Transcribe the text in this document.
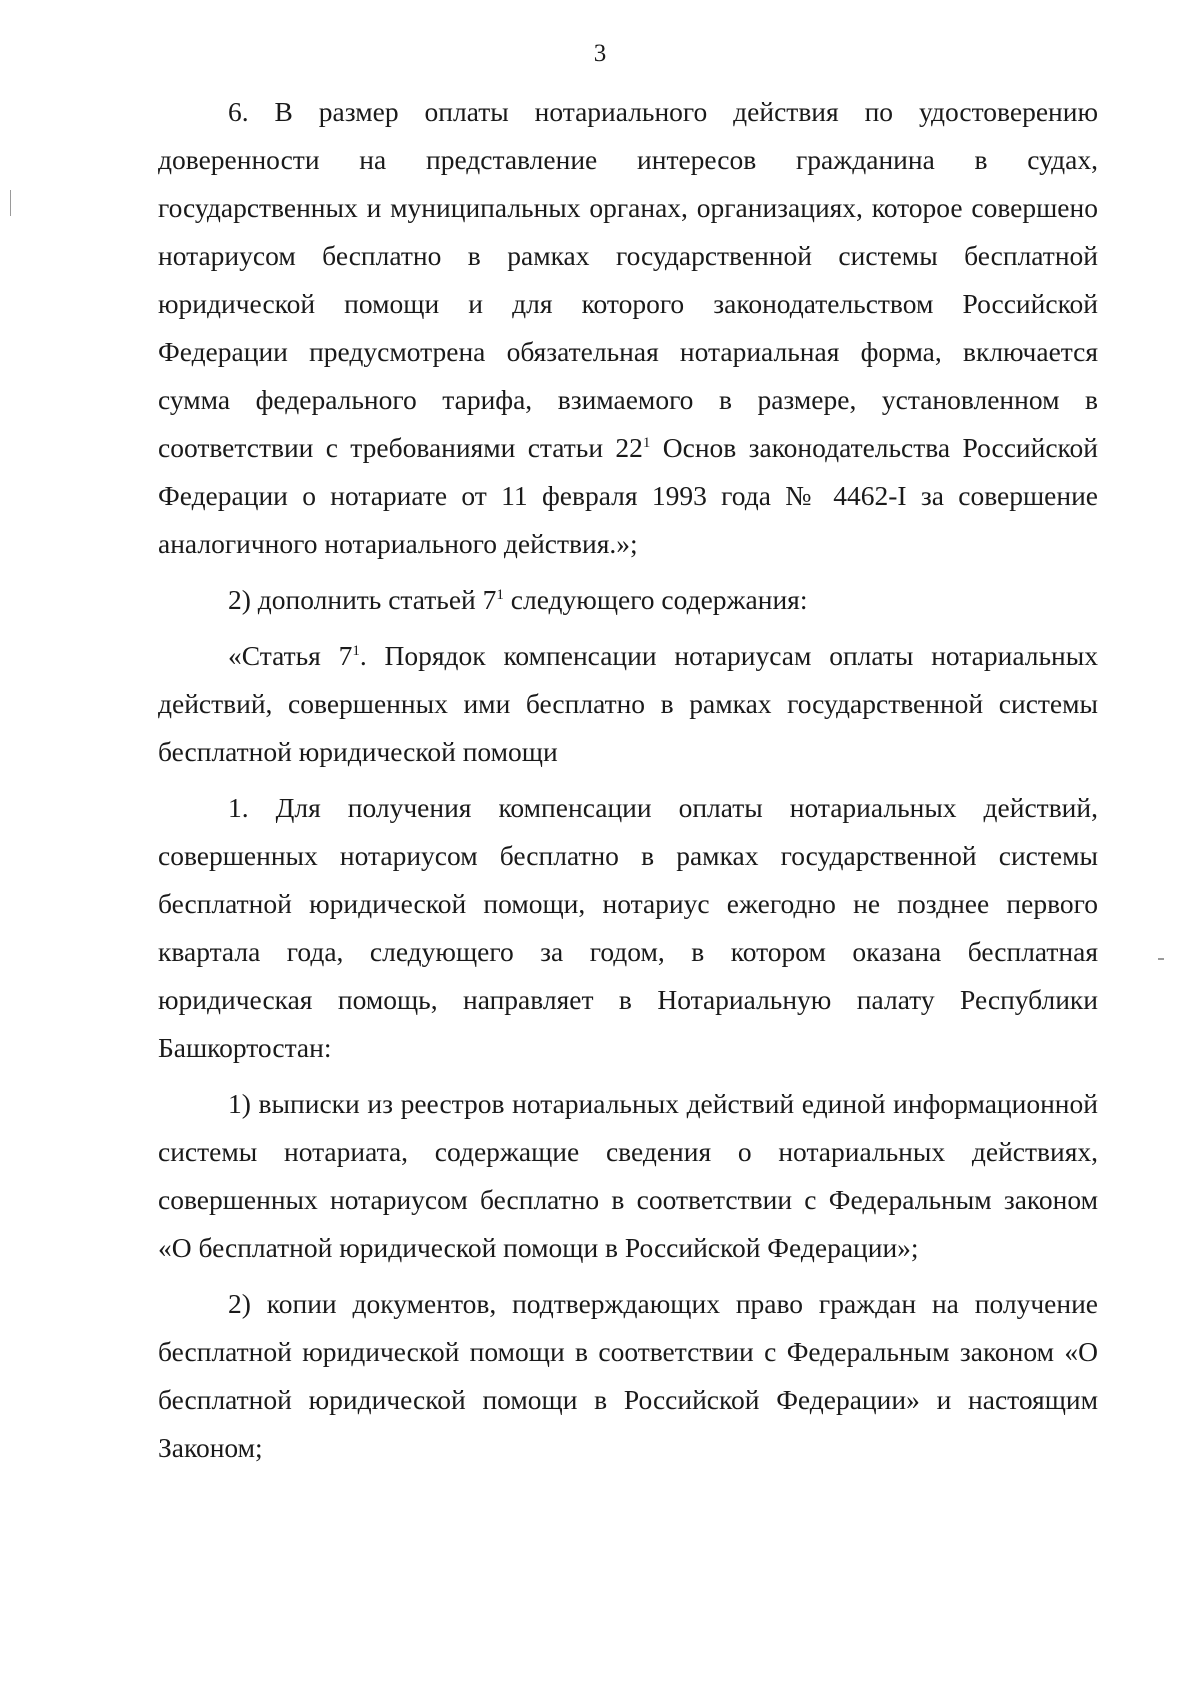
3

6. В размер оплаты нотариального действия по удостоверению доверенности на представление интересов гражданина в судах, государственных и муниципальных органах, организациях, которое совершено нотариусом бесплатно в рамках государственной системы бесплатной юридической помощи и для которого законодательством Российской Федерации предусмотрена обязательная нотариальная форма, включается сумма федерального тарифа, взимаемого в размере, установленном в соответствии с требованиями статьи $22^1$ Основ законодательства Российской Федерации о нотариате от 11 февраля 1993 года № 4462-I за совершение аналогичного нотариального действия.»;

2) дополнить статьей $7^1$ следующего содержания:

«Статья $7^1$. Порядок компенсации нотариусам оплаты нотариальных действий, совершенных ими бесплатно в рамках государственной системы бесплатной юридической помощи

1. Для получения компенсации оплаты нотариальных действий, совершенных нотариусом бесплатно в рамках государственной системы бесплатной юридической помощи, нотариус ежегодно не позднее первого квартала года, следующего за годом, в котором оказана бесплатная юридическая помощь, направляет в Нотариальную палату Республики Башкортостан:

1) выписки из реестров нотариальных действий единой информационной системы нотариата, содержащие сведения о нотариальных действиях, совершенных нотариусом бесплатно в соответствии с Федеральным законом «О бесплатной юридической помощи в Российской Федерации»;

2) копии документов, подтверждающих право граждан на получение бесплатной юридической помощи в соответствии с Федеральным законом «О бесплатной юридической помощи в Российской Федерации» и настоящим Законом;
